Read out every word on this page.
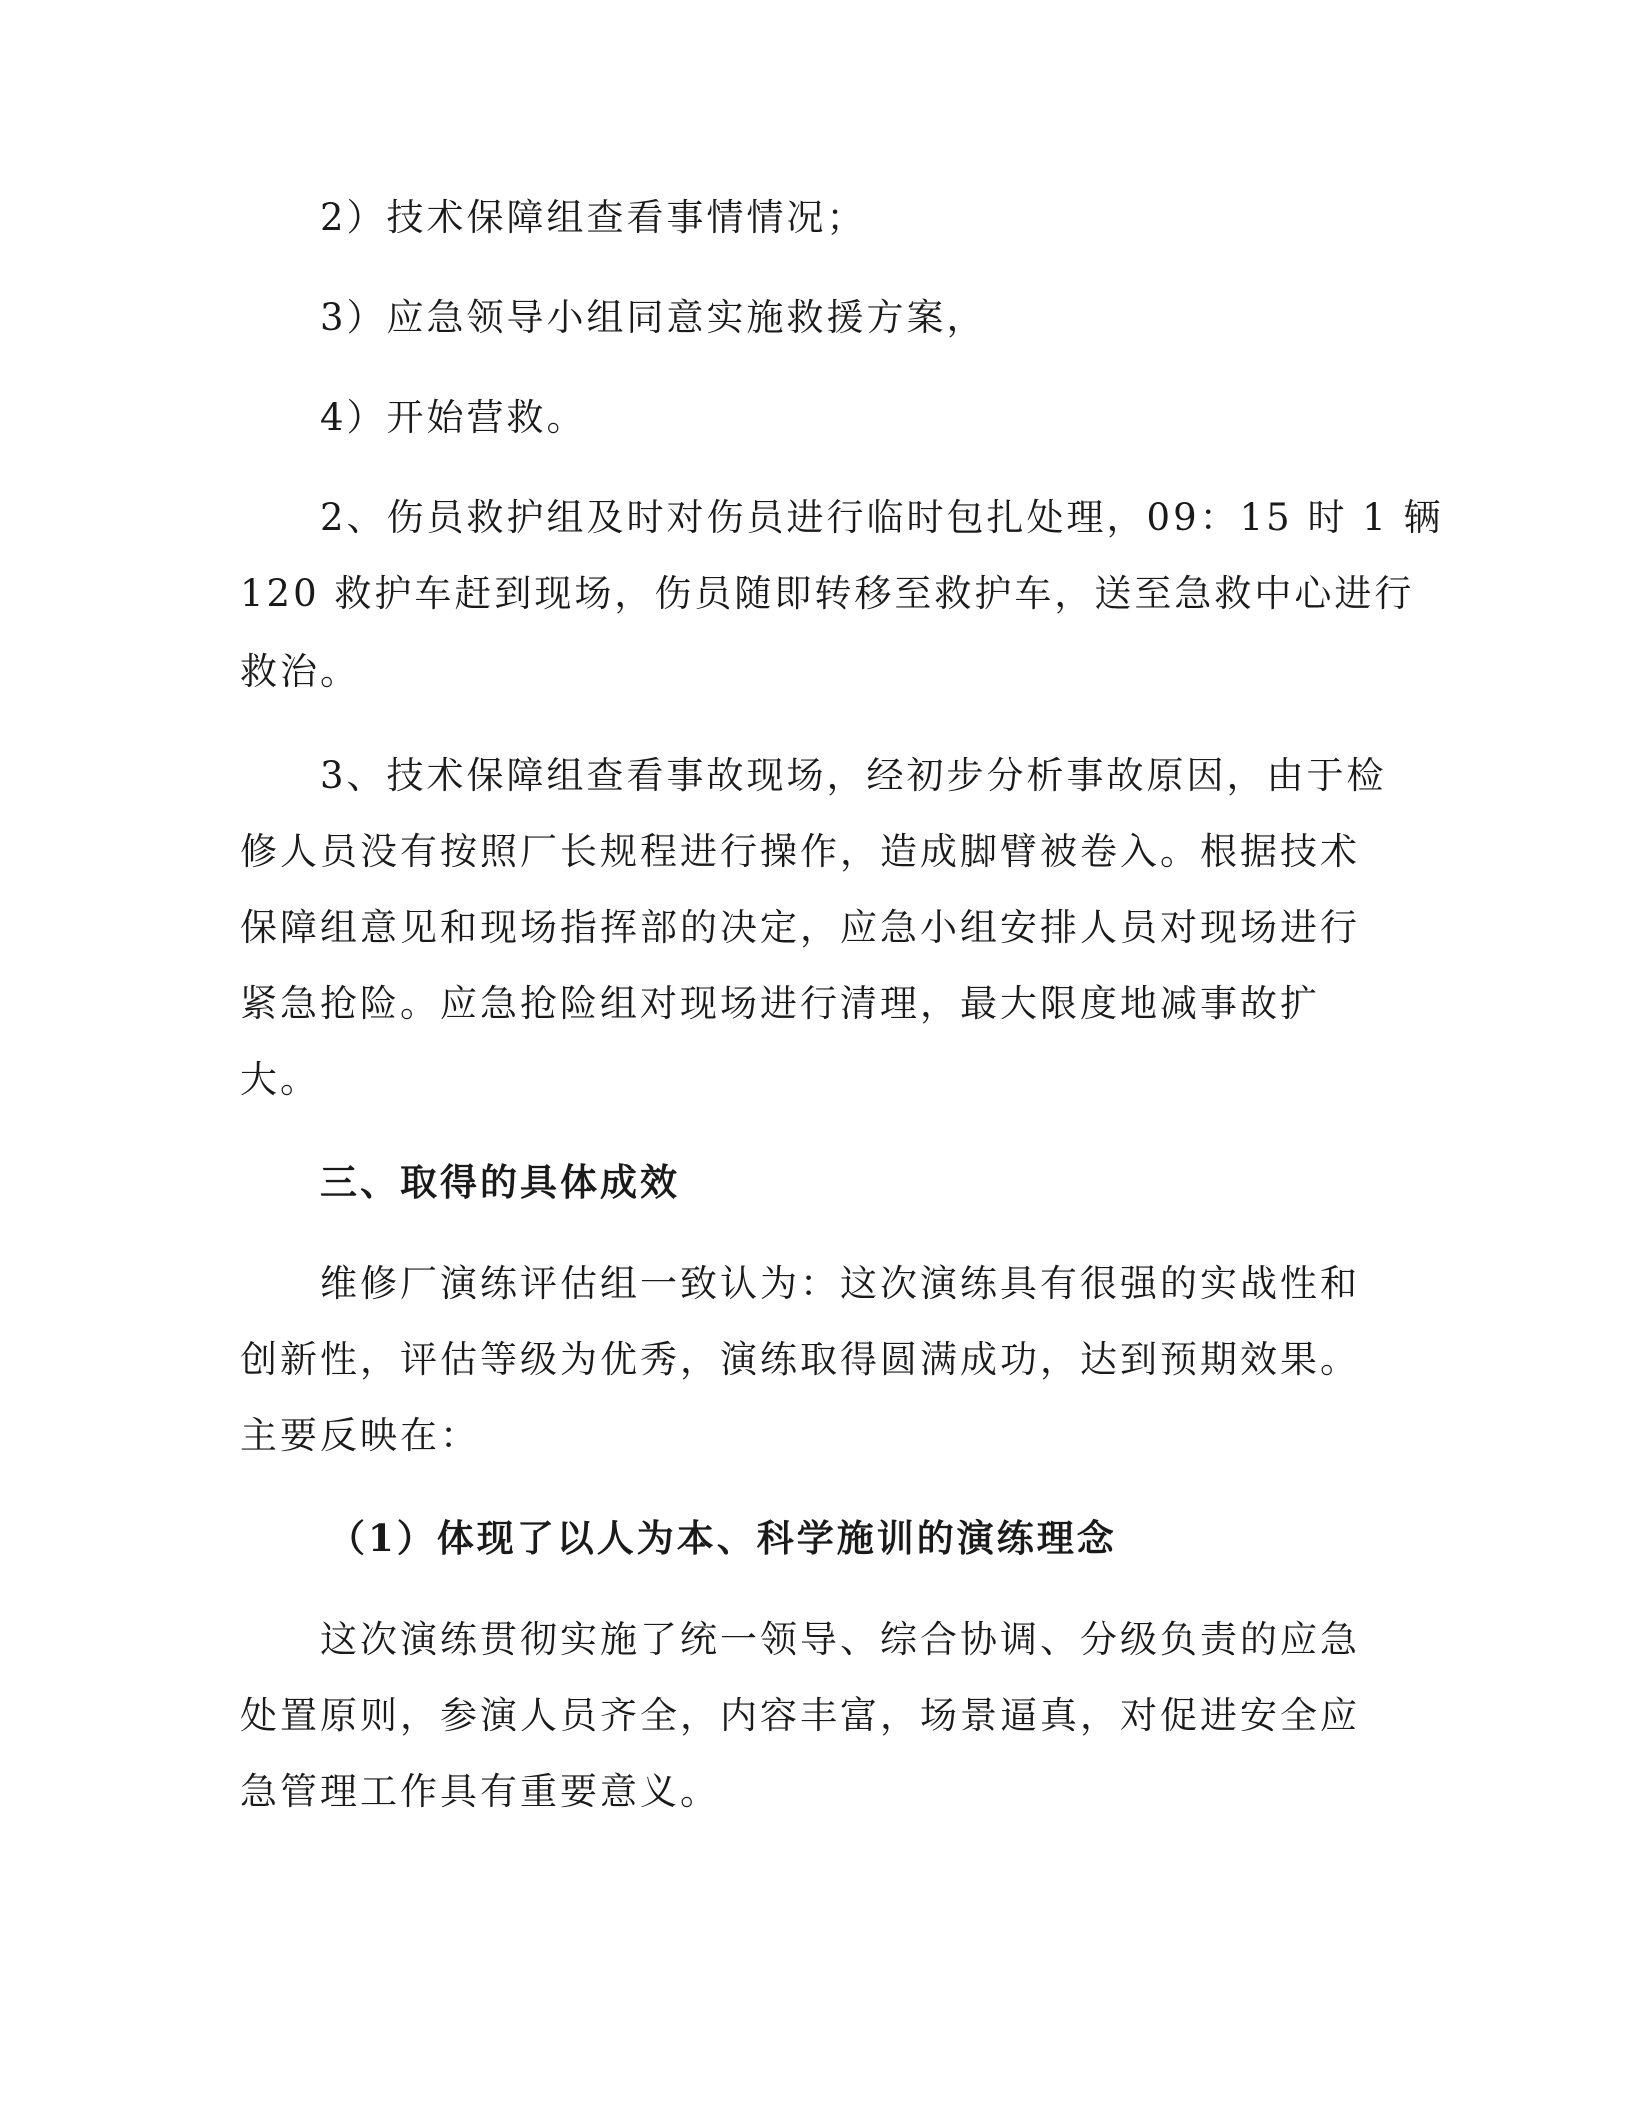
2）技术保障组查看事情情况；
3）应急领导小组同意实施救援方案，
4）开始营救。
2、伤员救护组及时对伤员进行临时包扎处理，09：15 时 1 辆
120 救护车赶到现场，伤员随即转移至救护车，送至急救中心进行
救治。
3、技术保障组查看事故现场，经初步分析事故原因，由于检
修人员没有按照厂长规程进行操作，造成脚臂被卷入。根据技术
保障组意见和现场指挥部的决定，应急小组安排人员对现场进行
紧急抢险。应急抢险组对现场进行清理，最大限度地减事故扩
大。
三、取得的具体成效
维修厂演练评估组一致认为：这次演练具有很强的实战性和
创新性，评估等级为优秀，演练取得圆满成功，达到预期效果。
主要反映在：
（1）体现了以人为本、科学施训的演练理念
这次演练贯彻实施了统一领导、综合协调、分级负责的应急
处置原则，参演人员齐全，内容丰富，场景逼真，对促进安全应
急管理工作具有重要意义。
